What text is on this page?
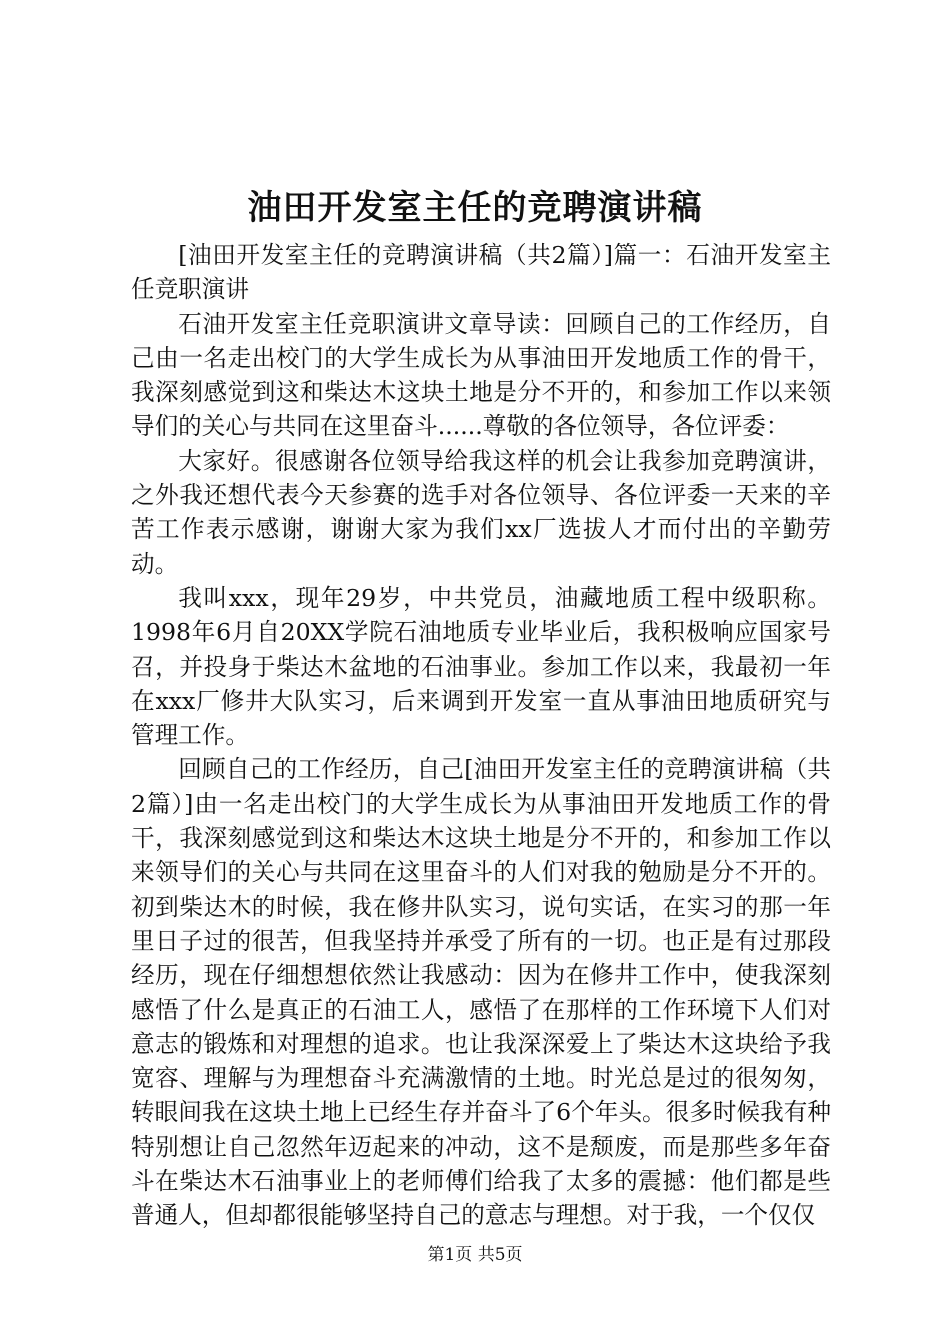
油田开发室主任的竞聘演讲稿

[油田开发室主任的竞聘演讲稿（共2篇）]篇一：石油开发室主任竞职演讲

石油开发室主任竞职演讲文章导读：回顾自己的工作经历，自己由一名走出校门的大学生成长为从事油田开发地质工作的骨干，我深刻感觉到这和柴达木这块土地是分不开的，和参加工作以来领导们的关心与共同在这里奋斗......尊敬的各位领导，各位评委：

大家好。很感谢各位领导给我这样的机会让我参加竞聘演讲，之外我还想代表今天参赛的选手对各位领导、各位评委一天来的辛苦工作表示感谢，谢谢大家为我们xx厂选拔人才而付出的辛勤劳动。

我叫xxx，现年29岁，中共党员，油藏地质工程中级职称。1998年6月自20XX学院石油地质专业毕业后，我积极响应国家号召，并投身于柴达木盆地的石油事业。参加工作以来，我最初一年在xxx厂修井大队实习，后来调到开发室一直从事油田地质研究与管理工作。

回顾自己的工作经历，自己[油田开发室主任的竞聘演讲稿（共2篇）]由一名走出校门的大学生成长为从事油田开发地质工作的骨干，我深刻感觉到这和柴达木这块土地是分不开的，和参加工作以来领导们的关心与共同在这里奋斗的人们对我的勉励是分不开的。初到柴达木的时候，我在修井队实习，说句实话，在实习的那一年里日子过的很苦，但我坚持并承受了所有的一切。也正是有过那段经历，现在仔细想想依然让我感动：因为在修井工作中，使我深刻感悟了什么是真正的石油工人，感悟了在那样的工作环境下人们对意志的锻炼和对理想的追求。也让我深深爱上了柴达木这块给予我宽容、理解与为理想奋斗充满激情的土地。时光总是过的很匆匆，转眼间我在这块土地上已经生存并奋斗了6个年头。很多时候我有种特别想让自己忽然年迈起来的冲动，这不是颓废，而是那些多年奋斗在柴达木石油事业上的老师傅们给我了太多的震撼：他们都是些普通人，但却都很能够坚持自己的意志与理想。对于我，一个仅仅

第1页 共5页
